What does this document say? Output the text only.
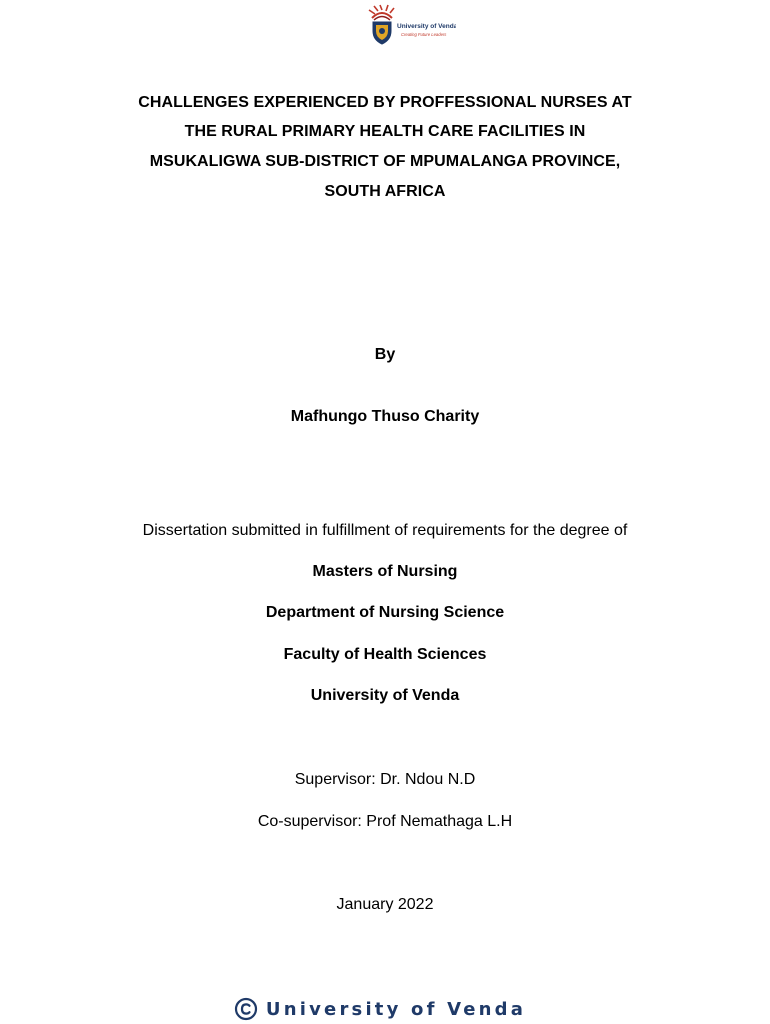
University of Venda
Creating Future Leaders
CHALLENGES EXPERIENCED BY PROFFESSIONAL NURSES AT
THE RURAL PRIMARY HEALTH CARE FACILITIES IN
MSUKALIGWA SUB-DISTRICT OF MPUMALANGA PROVINCE,
SOUTH AFRICA
By
Mafhungo Thuso Charity
Dissertation submitted in fulfillment of requirements for the degree of
Masters of Nursing
Department of Nursing Science
Faculty of Health Sciences
University of Venda
Supervisor: Dr. Ndou N.D
Co-supervisor: Prof Nemathaga L.H
January 2022
University of Venda
